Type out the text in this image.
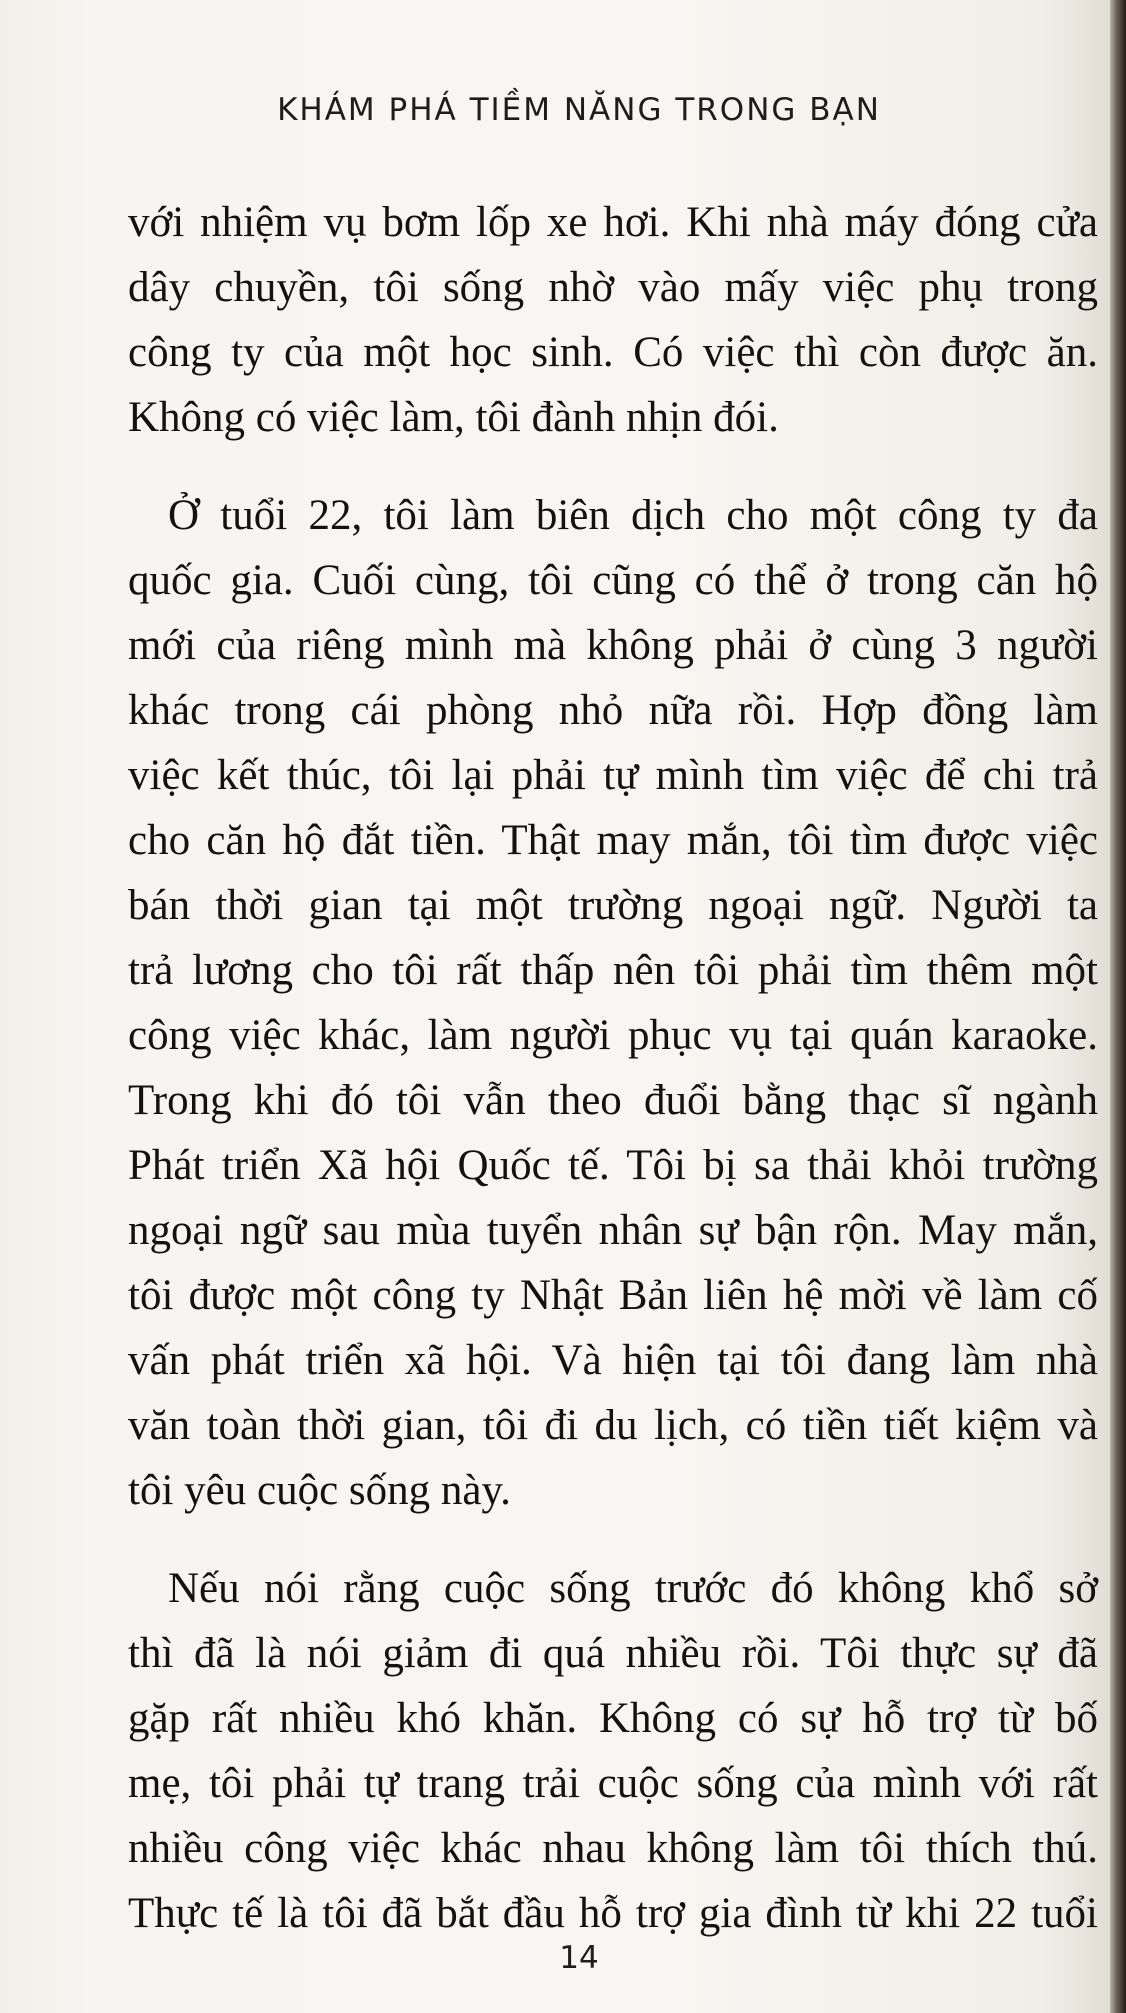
KHÁM PHÁ TIỀM NĂNG TRONG BẠN

với nhiệm vụ bơm lốp xe hơi. Khi nhà máy đóng cửa
dây chuyền, tôi sống nhờ vào mấy việc phụ trong
công ty của một học sinh. Có việc thì còn được ăn.
Không có việc làm, tôi đành nhịn đói.

Ở tuổi 22, tôi làm biên dịch cho một công ty đa
quốc gia. Cuối cùng, tôi cũng có thể ở trong căn hộ
mới của riêng mình mà không phải ở cùng 3 người
khác trong cái phòng nhỏ nữa rồi. Hợp đồng làm
việc kết thúc, tôi lại phải tự mình tìm việc để chi trả
cho căn hộ đắt tiền. Thật may mắn, tôi tìm được việc
bán thời gian tại một trường ngoại ngữ. Người ta
trả lương cho tôi rất thấp nên tôi phải tìm thêm một
công việc khác, làm người phục vụ tại quán karaoke.
Trong khi đó tôi vẫn theo đuổi bằng thạc sĩ ngành
Phát triển Xã hội Quốc tế. Tôi bị sa thải khỏi trường
ngoại ngữ sau mùa tuyển nhân sự bận rộn. May mắn,
tôi được một công ty Nhật Bản liên hệ mời về làm cố
vấn phát triển xã hội. Và hiện tại tôi đang làm nhà
văn toàn thời gian, tôi đi du lịch, có tiền tiết kiệm và
tôi yêu cuộc sống này.

Nếu nói rằng cuộc sống trước đó không khổ sở
thì đã là nói giảm đi quá nhiều rồi. Tôi thực sự đã
gặp rất nhiều khó khăn. Không có sự hỗ trợ từ bố
mẹ, tôi phải tự trang trải cuộc sống của mình với rất
nhiều công việc khác nhau không làm tôi thích thú.
Thực tế là tôi đã bắt đầu hỗ trợ gia đình từ khi 22 tuổi

14
